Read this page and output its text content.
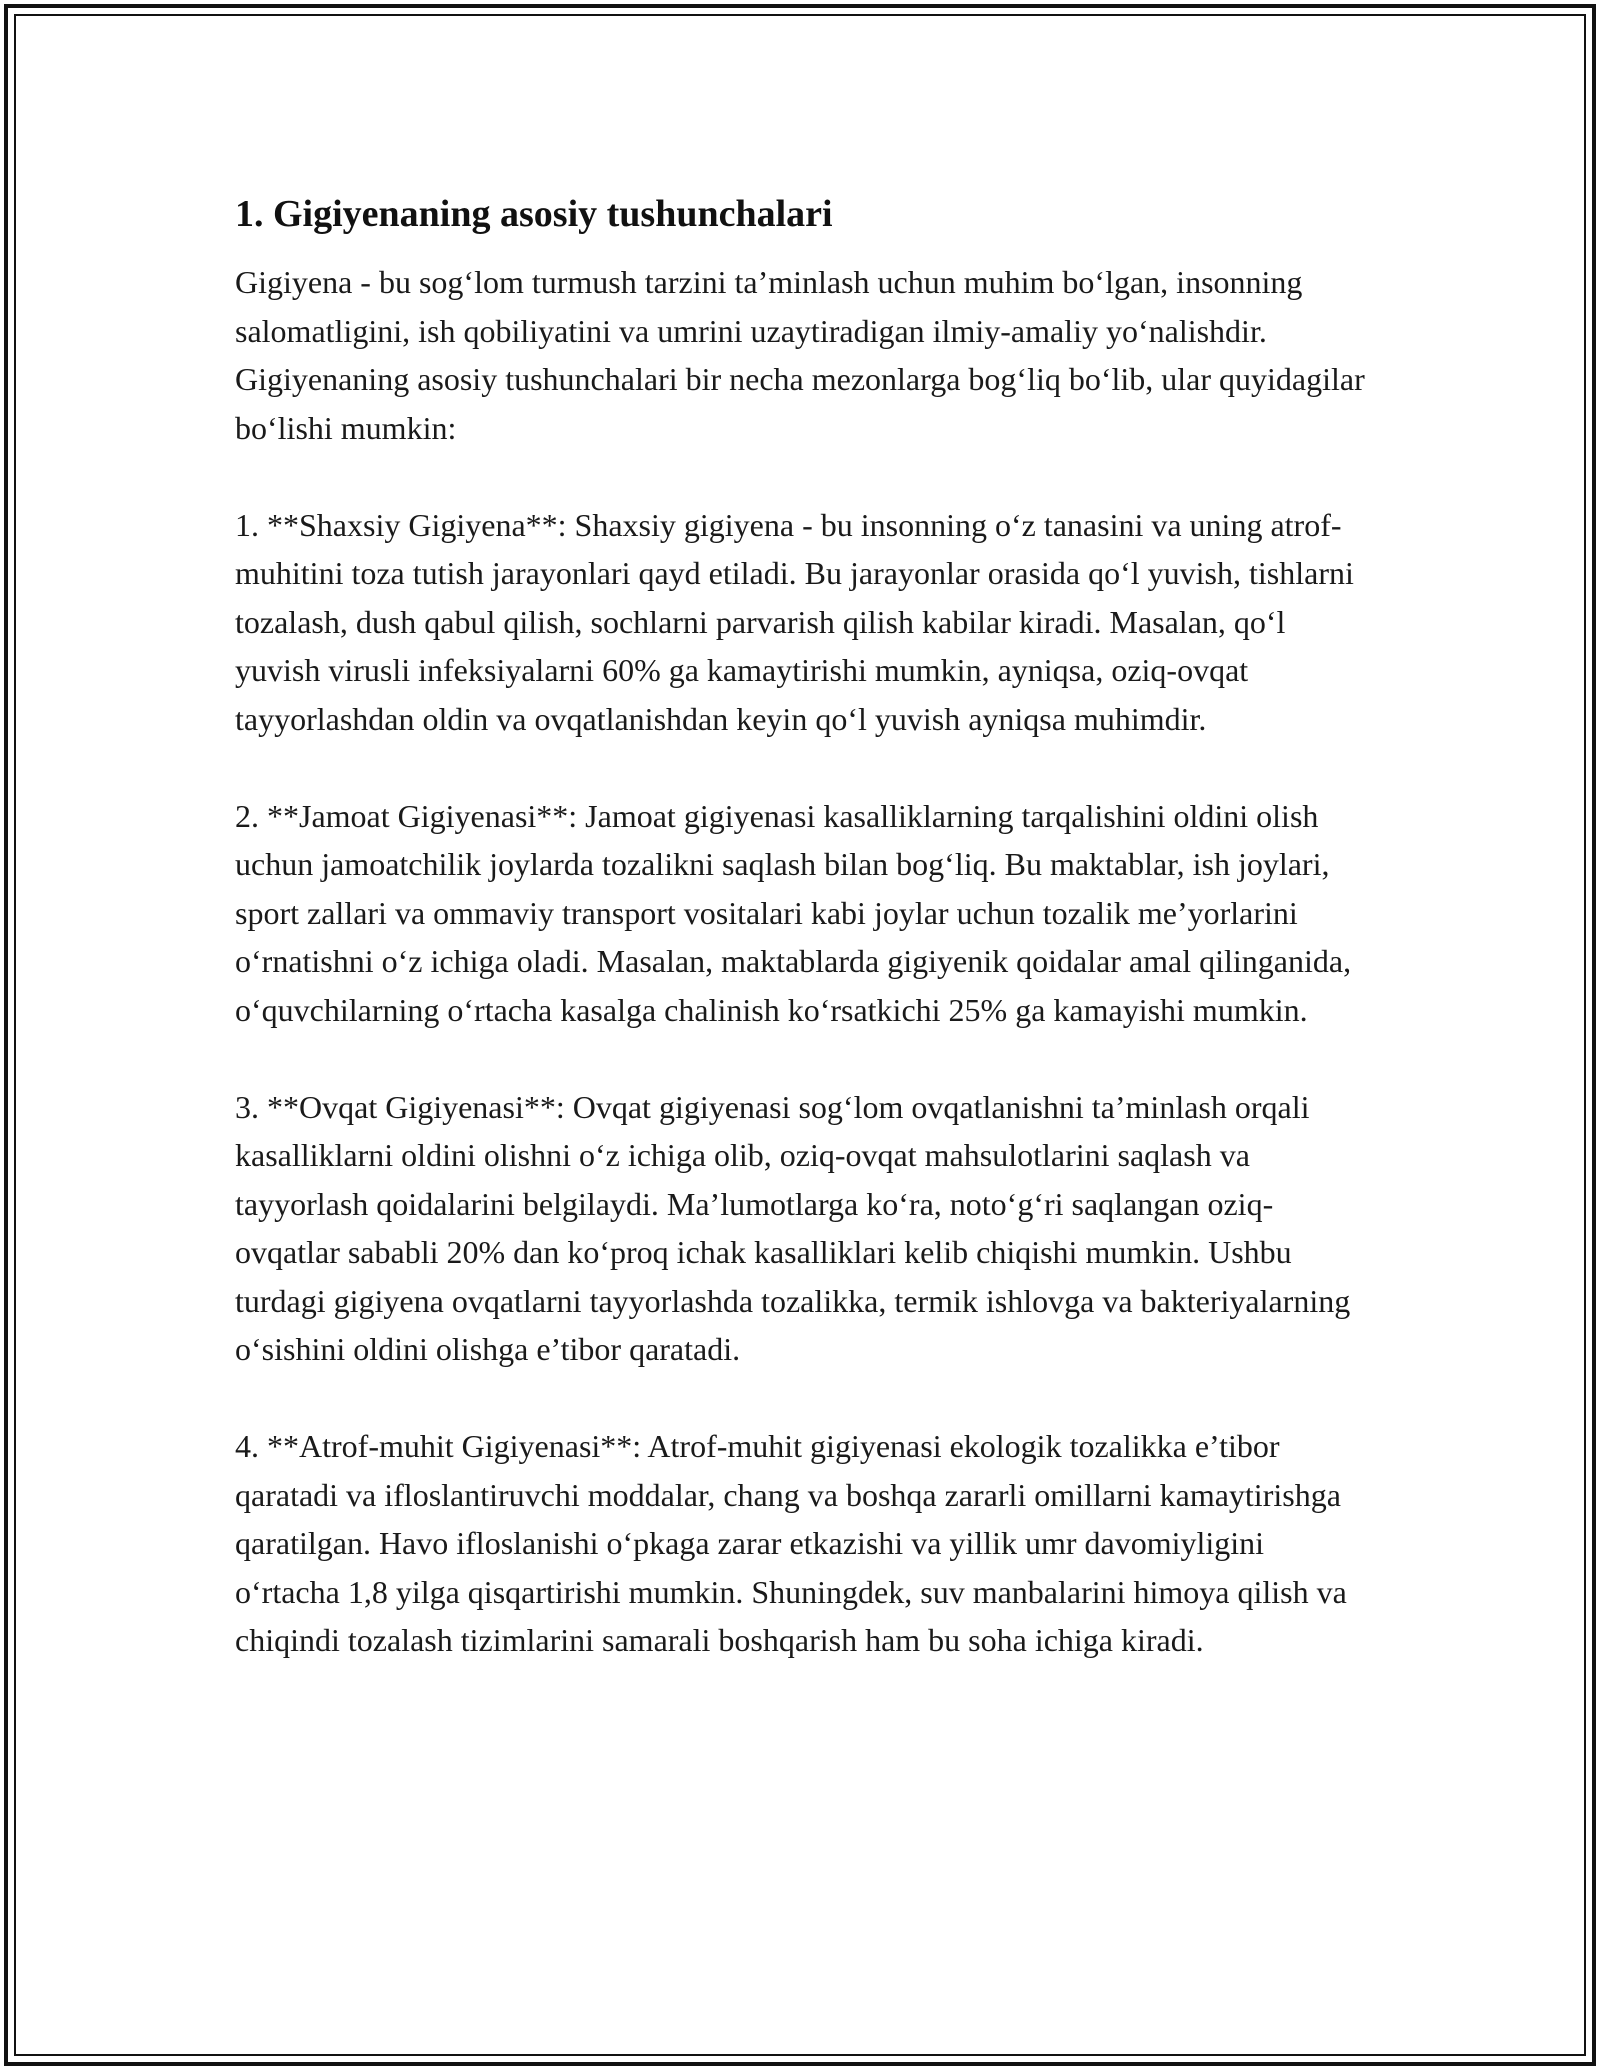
1. Gigiyenaning asosiy tushunchalari

Gigiyena - bu sog‘lom turmush tarzini ta’minlash uchun muhim bo‘lgan, insonning salomatligini, ish qobiliyatini va umrini uzaytiradigan ilmiy-amaliy yo‘nalishdir. Gigiyenaning asosiy tushunchalari bir necha mezonlarga bog‘liq bo‘lib, ular quyidagilar bo‘lishi mumkin:

1. **Shaxsiy Gigiyena**: Shaxsiy gigiyena - bu insonning o‘z tanasini va uning atrof-muhitini toza tutish jarayonlari qayd etiladi. Bu jarayonlar orasida qo‘l yuvish, tishlarni tozalash, dush qabul qilish, sochlarni parvarish qilish kabilar kiradi. Masalan, qo‘l yuvish virusli infeksiyalarni 60% ga kamaytirishi mumkin, ayniqsa, oziq-ovqat tayyorlashdan oldin va ovqatlanishdan keyin qo‘l yuvish ayniqsa muhimdir.

2. **Jamoat Gigiyenasi**: Jamoat gigiyenasi kasalliklarning tarqalishini oldini olish uchun jamoatchilik joylarda tozalikni saqlash bilan bog‘liq. Bu maktablar, ish joylari, sport zallari va ommaviy transport vositalari kabi joylar uchun tozalik me’yorlarini o‘rnatishni o‘z ichiga oladi. Masalan, maktablarda gigiyenik qoidalar amal qilinganida, o‘quvchilarning o‘rtacha kasalga chalinish ko‘rsatkichi 25% ga kamayishi mumkin.

3. **Ovqat Gigiyenasi**: Ovqat gigiyenasi sog‘lom ovqatlanishni ta’minlash orqali kasalliklarni oldini olishni o‘z ichiga olib, oziq-ovqat mahsulotlarini saqlash va tayyorlash qoidalarini belgilaydi. Ma’lumotlarga ko‘ra, noto‘g‘ri saqlangan oziq-ovqatlar sababli 20% dan ko‘proq ichak kasalliklari kelib chiqishi mumkin. Ushbu turdagi gigiyena ovqatlarni tayyorlashda tozalikka, termik ishlovga va bakteriyalarning o‘sishini oldini olishga e’tibor qaratadi.

4. **Atrof-muhit Gigiyenasi**: Atrof-muhit gigiyenasi ekologik tozalikka e’tibor qaratadi va ifloslantiruvchi moddalar, chang va boshqa zararli omillarni kamaytirishga qaratilgan. Havo ifloslanishi o‘pkaga zarar etkazishi va yillik umr davomiyligini o‘rtacha 1,8 yilga qisqartirishi mumkin. Shuningdek, suv manbalarini himoya qilish va chiqindi tozalash tizimlarini samarali boshqarish ham bu soha ichiga kiradi.
